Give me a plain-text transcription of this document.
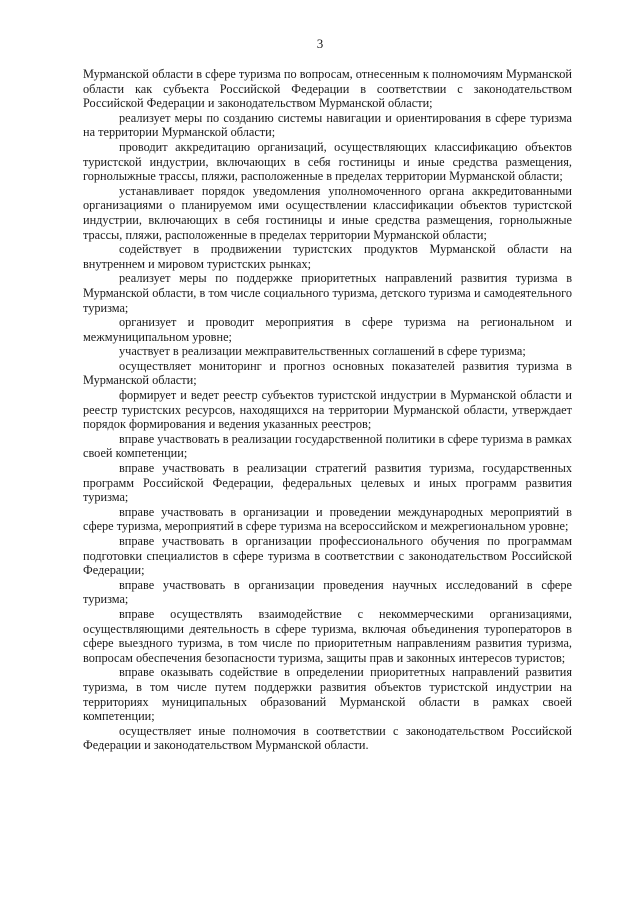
3

Мурманской области в сфере туризма по вопросам, отнесенным к полномочиям Мурманской области как субъекта Российской Федерации в соответствии с законодательством Российской Федерации и законодательством Мурманской области;

реализует меры по созданию системы навигации и ориентирования в сфере туризма на территории Мурманской области;

проводит аккредитацию организаций, осуществляющих классификацию объектов туристской индустрии, включающих в себя гостиницы и иные средства размещения, горнолыжные трассы, пляжи, расположенные в пределах территории Мурманской области;

устанавливает порядок уведомления уполномоченного органа аккредитованными организациями о планируемом ими осуществлении классификации объектов туристской индустрии, включающих в себя гостиницы и иные средства размещения, горнолыжные трассы, пляжи, расположенные в пределах территории Мурманской области;

содействует в продвижении туристских продуктов Мурманской области на внутреннем и мировом туристских рынках;

реализует меры по поддержке приоритетных направлений развития туризма в Мурманской области, в том числе социального туризма, детского туризма и самодеятельного туризма;

организует и проводит мероприятия в сфере туризма на региональном и межмуниципальном уровне;

участвует в реализации межправительственных соглашений в сфере туризма;

осуществляет мониторинг и прогноз основных показателей развития туризма в Мурманской области;

формирует и ведет реестр субъектов туристской индустрии в Мурманской области и реестр туристских ресурсов, находящихся на территории Мурманской области, утверждает порядок формирования и ведения указанных реестров;

вправе участвовать в реализации государственной политики в сфере туризма в рамках своей компетенции;

вправе участвовать в реализации стратегий развития туризма, государственных программ Российской Федерации, федеральных целевых и иных программ развития туризма;

вправе участвовать в организации и проведении международных мероприятий в сфере туризма, мероприятий в сфере туризма на всероссийском и межрегиональном уровне;

вправе участвовать в организации профессионального обучения по программам подготовки специалистов в сфере туризма в соответствии с законодательством Российской Федерации;

вправе участвовать в организации проведения научных исследований в сфере туризма;

вправе осуществлять взаимодействие с некоммерческими организациями, осуществляющими деятельность в сфере туризма, включая объединения туроператоров в сфере выездного туризма, в том числе по приоритетным направлениям развития туризма, вопросам обеспечения безопасности туризма, защиты прав и законных интересов туристов;

вправе оказывать содействие в определении приоритетных направлений развития туризма, в том числе путем поддержки развития объектов туристской индустрии на территориях муниципальных образований Мурманской области в рамках своей компетенции;

осуществляет иные полномочия в соответствии с законодательством Российской Федерации и законодательством Мурманской области.
